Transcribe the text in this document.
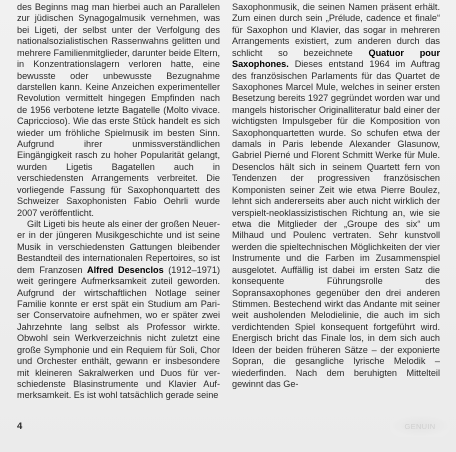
des Beginns mag man hierbei auch an Parallelen zur jüdischen Synagogalmusik vernehmen, was bei Ligeti, der selbst unter der Verfolgung des nationalsozialistischen Rassenwahns gelitten und mehrere Familienmitglieder, darunter beide Eltern, in Konzentrationslagern verloren hatte, eine bewusste oder unbewusste Bezugnahme darstellen kann. Keine Anzeichen experimenteller Revolution vermittelt hingegen Empfinden nach de 1956 verbotene letzte Bagatelle (Molto vivace. Capriccioso). Wie das erste Stück handelt es sich wieder um fröhliche Spielmusik im besten Sinn. Aufgrund ihrer unmissverständlichen Eingängigkeit rasch zu hoher Popularität gelangt, wurden Ligetis Bagatellen auch in verschiedensten Arrangements verbreitet. Die vorliegende Fassung für Saxophonquartett des Schweizer Saxophonisten Fabio Oehrli wurde 2007 veröffentlicht.

Gilt Ligeti bis heute als einer der großen Neuerer in der jüngeren Musikgeschichte und ist seine Musik in verschiedensten Gattungen bleibender Bestandteil des internationalen Repertoires, so ist dem Franzosen Alfred Desenclos (1912–1971) weit geringere Aufmerksamkeit zuteil geworden. Aufgrund der wirtschaftlichen Notlage seiner Familie konnte er erst spät ein Studium am Pariser Conservatoire aufnehmen, wo er später zwei Jahrzehnte lang selbst als Professor wirkte. Obwohl sein Werkverzeichnis nicht zuletzt eine große Symphonie und ein Requiem für Soli, Chor und Orchester enthält, gewann er insbesondere mit kleineren Sakralwerken und Duos für verschiedenste Blasinstrumente und Klavier Aufmerksamkeit. Es ist wohl tatsächlich gerade seine

Saxophonmusik, die seinen Namen präsent erhält. Zum einen durch sein „Prélude, cadence et finale“ für Saxophon und Klavier, das sogar in mehreren Arrangements existiert, zum anderen durch das schlicht so bezeichnete Quatuor pour Saxophones. Dieses entstand 1964 im Auftrag des französischen Parlaments für das Quartet de Saxophones Marcel Mule, welches in seiner ersten Besetzung bereits 1927 gegründet worden war und mangels historischer Originalliteratur bald einer der wichtigsten Impulsgeber für die Komposition von Saxophonquartetten wurde. So schufen etwa der damals in Paris lebende Alexander Glasunow, Gabriel Pierné und Florent Schmitt Werke für Mule. Desenclos hält sich in seinem Quartett fern von Tendenzen der progressiven französischen Komponisten seiner Zeit wie etwa Pierre Boulez, lehnt sich andererseits aber auch nicht wirklich der verspielt-neoklassizistischen Richtung an, wie sie etwa die Mitglieder der „Groupe des six“ um Milhaud und Poulenc vertraten. Sehr kunstvoll werden die spieltechnischen Möglichkeiten der vier Instrumente und die Farben im Zusammenspiel ausgelotet. Auffällig ist dabei im ersten Satz die konsequente Führungsrolle des Sopransaxophones gegenüber den drei anderen Stimmen. Bestechend wirkt das Andante mit seiner weit ausholenden Melodielinie, die auch im sich verdichtenden Spiel konsequent fortgeführt wird. Energisch bricht das Finale los, in dem sich auch Ideen der beiden früheren Sätze – der exponierte Sopran, die gesangliche lyrische Melodik – wiederfinden. Nach dem beruhigten Mittelteil gewinnt das Ge-

4	GENUIN
